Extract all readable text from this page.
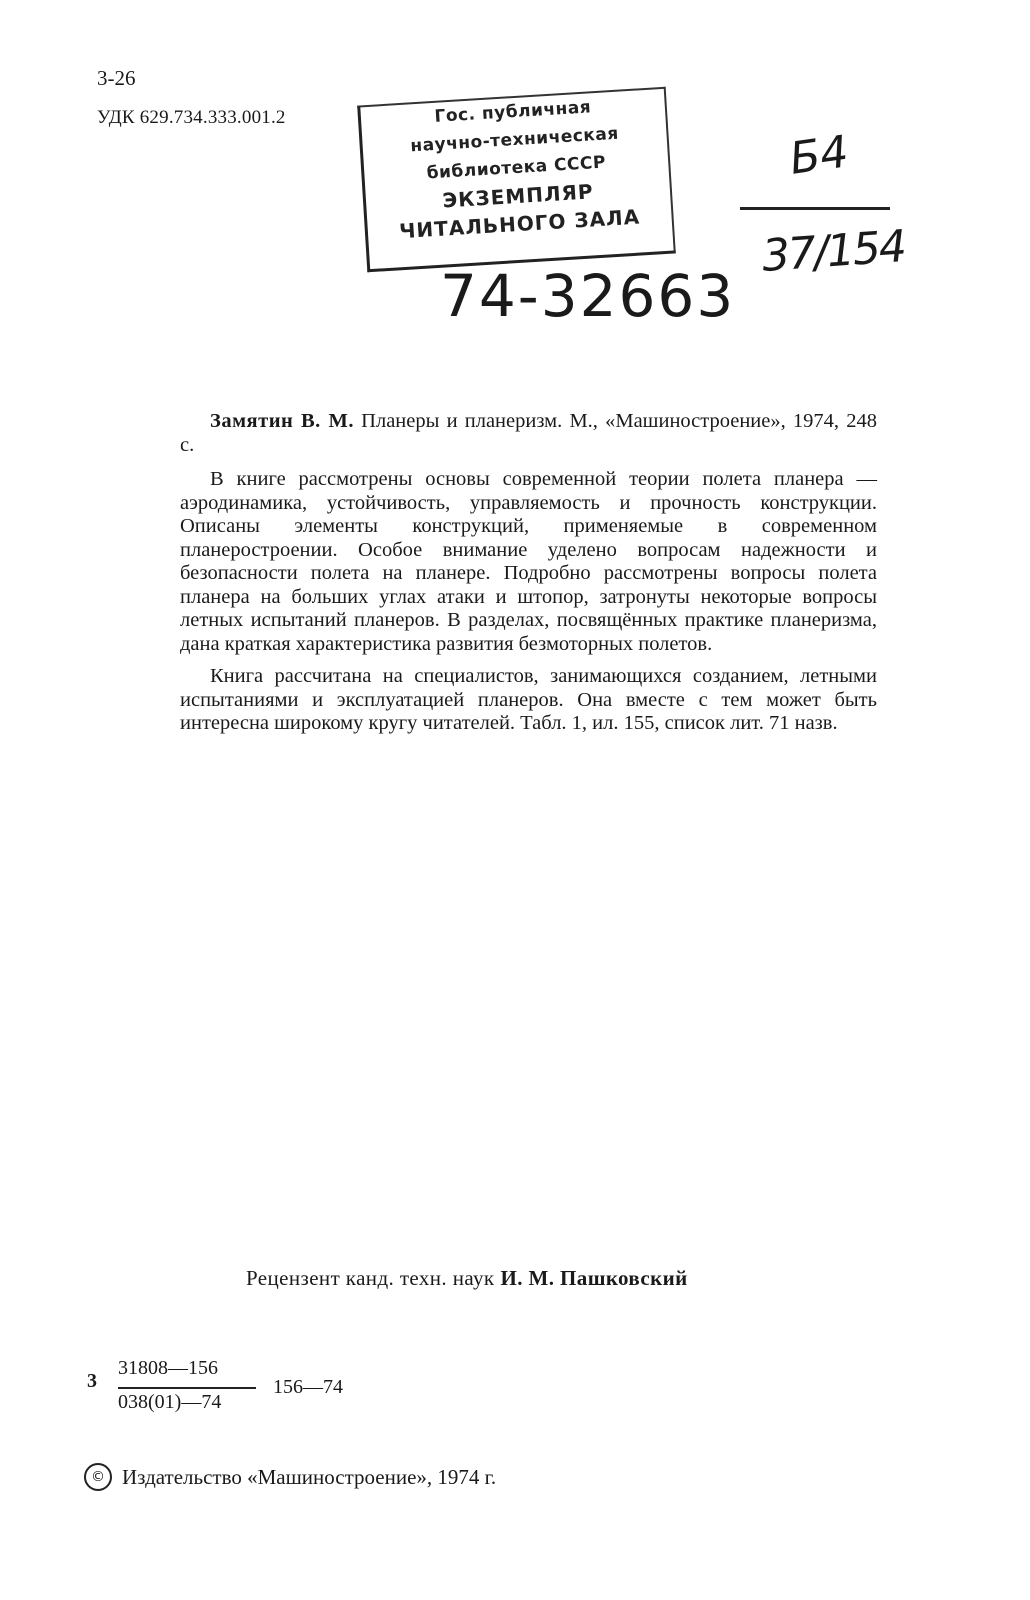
3-26
УДК 629.734.333.001.2	Гос. публичная
научно-техническая
библиотека СССР
ЭКЗЕМПЛЯР
ЧИТАЛЬНОГО ЗАЛА
Б4
37/154
74-32663

Замятин В. М. Планеры и планеризм. М., «Машиностроение», 1974, 248 с.

В книге рассмотрены основы современной теории полета планера — аэродинамика, устойчивость, управляемость и прочность конструкции. Описаны элементы конструкций, применяемые в современном планеростроении. Особое внимание уделено вопросам надежности и безопасности полета на планере. Подробно рассмотрены вопросы полета планера на больших углах атаки и штопор, затронуты некоторые вопросы летных испытаний планеров. В разделах, посвящённых практике планеризма, дана краткая характеристика развития безмоторных полетов.

Книга рассчитана на специалистов, занимающихся созданием, летными испытаниями и эксплуатацией планеров. Она вместе с тем может быть интересна широкому кругу читателей. Табл. 1, ил. 155, список лит. 71 назв.

Рецензент канд. техн. наук И. М. Пашковский
3
31808—156
038(01)—74
156—74
© Издательство «Машиностроение», 1974 г.
